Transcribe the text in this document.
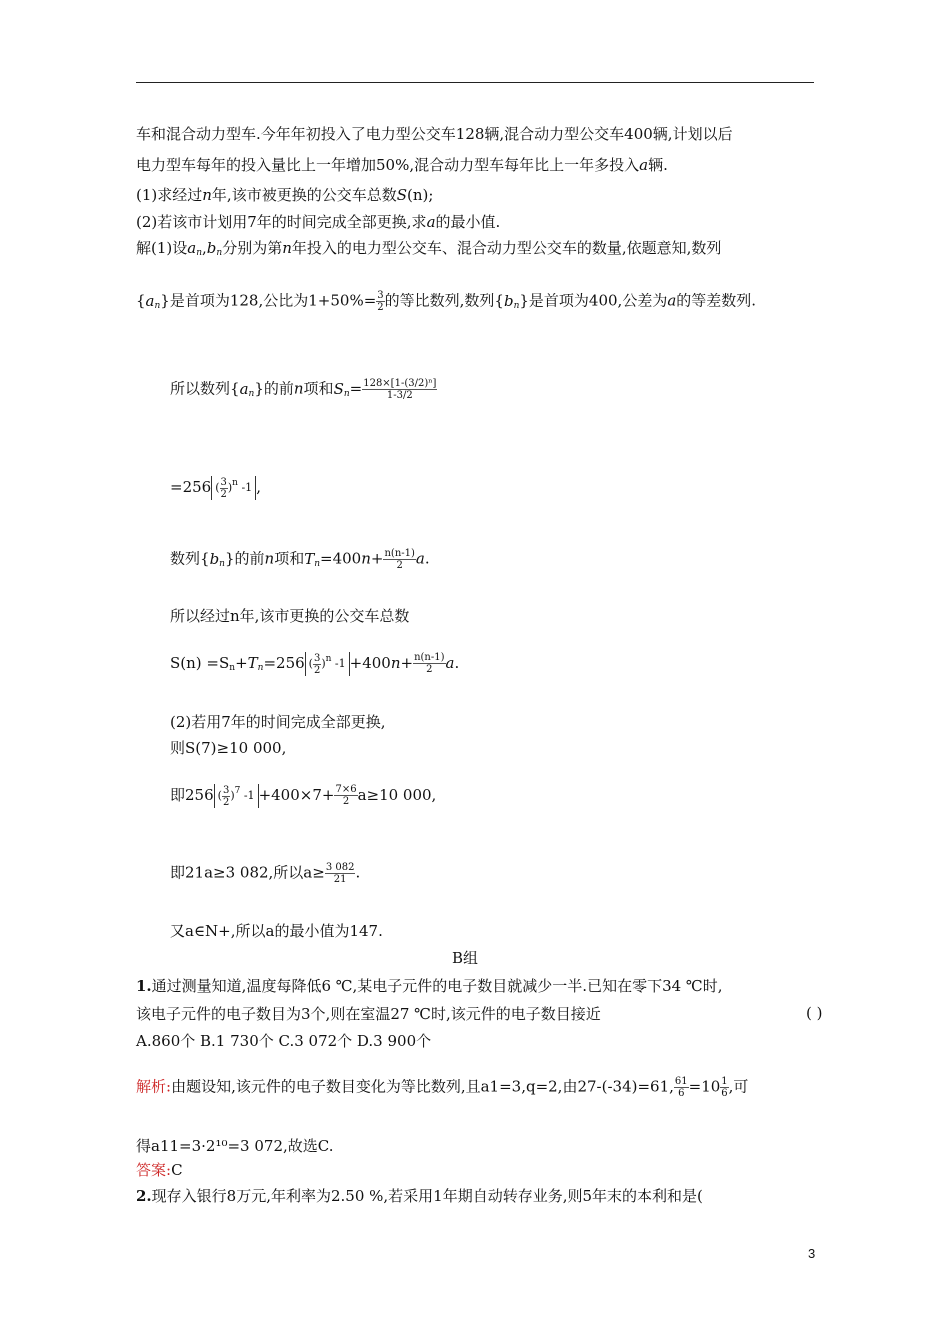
车和混合动力型车.今年年初投入了电力型公交车128辆,混合动力型公交车400辆,计划以后
电力型车每年的投入量比上一年增加50%,混合动力型车每年比上一年多投入a辆.
(1)求经过n年,该市被更换的公交车总数S(n);
(2)若该市计划用7年的时间完成全部更换,求a的最小值.
解(1)设$a_n,b_n$分别为第n年投入的电力型公交车、混合动力型公交车的数量,依题意知,数列
$\{a_n\}$是首项为128,公比为$1+50\%= \frac{3}{2}$ 的等比数列,数列$\{b_n\}$是首项为400,公差为a的等差数列.
所以数列$\{a_n\}$的前n项和$S_n= \frac{\text{128×[1-(3/2)ⁿ]}}{1-3/2}$
=256 ( $\frac{3}{2} )^n$ -1 ,
数列$\{b_n\}$的前n项和$T_n=400n+ \frac{n(n-1)}{2} a$.
所以经过n年,该市更换的公交车总数
$S(n) =S_n+T_n=256$ ( $\frac{3}{2} )^n$ $-1 +400n+ \frac{n(n-1)}{2} a$.
(2)若用7年的时间完成全部更换,
则S(7)≥10 000,
即256 ( $\frac{3}{2} )^7$ $-1 +400\times 7+ \frac{7\times 6}{2} a\ge 10$ 000,
即21a≥3 082,所以$a\ge \frac{3 082}{21}$ .
又a∈N+,所以a的最小值为147.
B组
1.通过测量知道,温度每降低6 ℃,某电子元件的电子数目就减少一半.已知在零下34 ℃时,
该电子元件的电子数目为3个,则在室温27 ℃时,该元件的电子数目接近	( )
A.860个 B.1 730个 C.3 072个 D.3 900个
解析:由题设知,该元件的电子数目变化为等比数列,且a1=3,q=2,由27-(-34)=61, $\frac{61}{6} =10 \frac{1}{6}$ ,可
得a11=3·2¹⁰=3 072,故选C.
答案:C
2.现存入银行8万元,年利率为2.50 %,若采用1年期自动转存业务,则5年末的本利和是(
3
